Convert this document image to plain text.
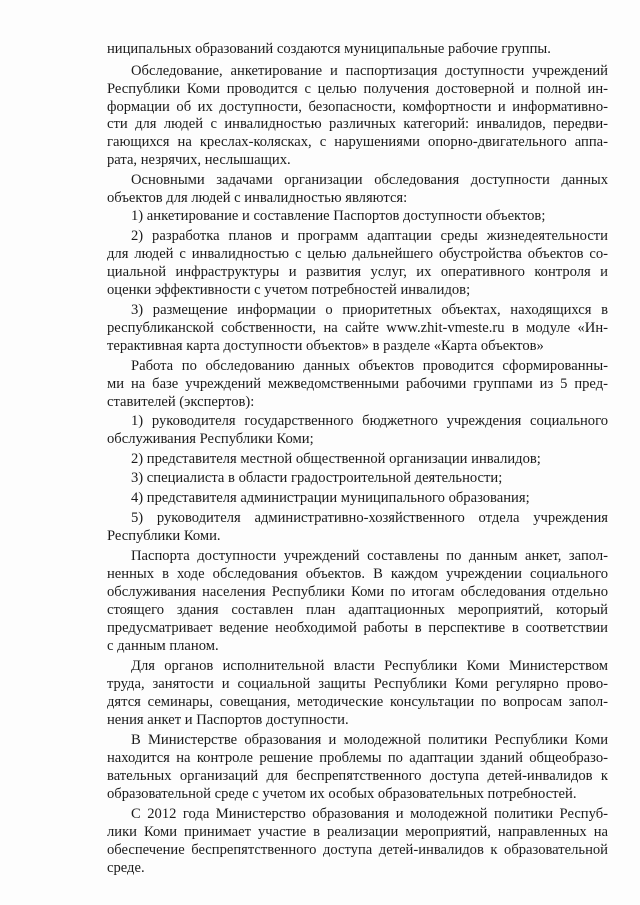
ниципальных образований создаются муниципальные рабочие группы.
Обследование, анкетирование и паспортизация доступности учреждений
Республики Коми проводится с целью получения достоверной и полной ин-
формации об их доступности, безопасности, комфортности и информативно-
сти для людей с инвалидностью различных категорий: инвалидов, передви-
гающихся на креслах-колясках, с нарушениями опорно-двигательного аппа-
рата, незрячих, неслышащих.
Основными задачами организации обследования доступности данных
объектов для людей с инвалидностью являются:
1) анкетирование и составление Паспортов доступности объектов;
2) разработка планов и программ адаптации среды жизнедеятельности
для людей с инвалидностью с целью дальнейшего обустройства объектов со-
циальной инфраструктуры и развития услуг, их оперативного контроля и
оценки эффективности с учетом потребностей инвалидов;
3) размещение информации о приоритетных объектах, находящихся в
республиканской собственности, на сайте www.zhit-vmeste.ru в модуле «Ин-
терактивная карта доступности объектов» в разделе «Карта объектов»
Работа по обследованию данных объектов проводится сформированны-
ми на базе учреждений межведомственными рабочими группами из 5 пред-
ставителей (экспертов):
1) руководителя государственного бюджетного учреждения социального
обслуживания Республики Коми;
2) представителя местной общественной организации инвалидов;
3) специалиста в области градостроительной деятельности;
4) представителя администрации муниципального образования;
5) руководителя административно-хозяйственного отдела учреждения
Республики Коми.
Паспорта доступности учреждений составлены по данным анкет, запол-
ненных в ходе обследования объектов. В каждом учреждении социального
обслуживания населения Республики Коми по итогам обследования отдельно
стоящего здания составлен план адаптационных мероприятий, который
предусматривает ведение необходимой работы в перспективе в соответствии
с данным планом.
Для органов исполнительной власти Республики Коми Министерством
труда, занятости и социальной защиты Республики Коми регулярно прово-
дятся семинары, совещания, методические консультации по вопросам запол-
нения анкет и Паспортов доступности.
В Министерстве образования и молодежной политики Республики Коми
находится на контроле решение проблемы по адаптации зданий общеобразо-
вательных организаций для беспрепятственного доступа детей-инвалидов к
образовательной среде с учетом их особых образовательных потребностей.
С 2012 года Министерство образования и молодежной политики Респуб-
лики Коми принимает участие в реализации мероприятий, направленных на
обеспечение беспрепятственного доступа детей-инвалидов к образовательной
среде.
